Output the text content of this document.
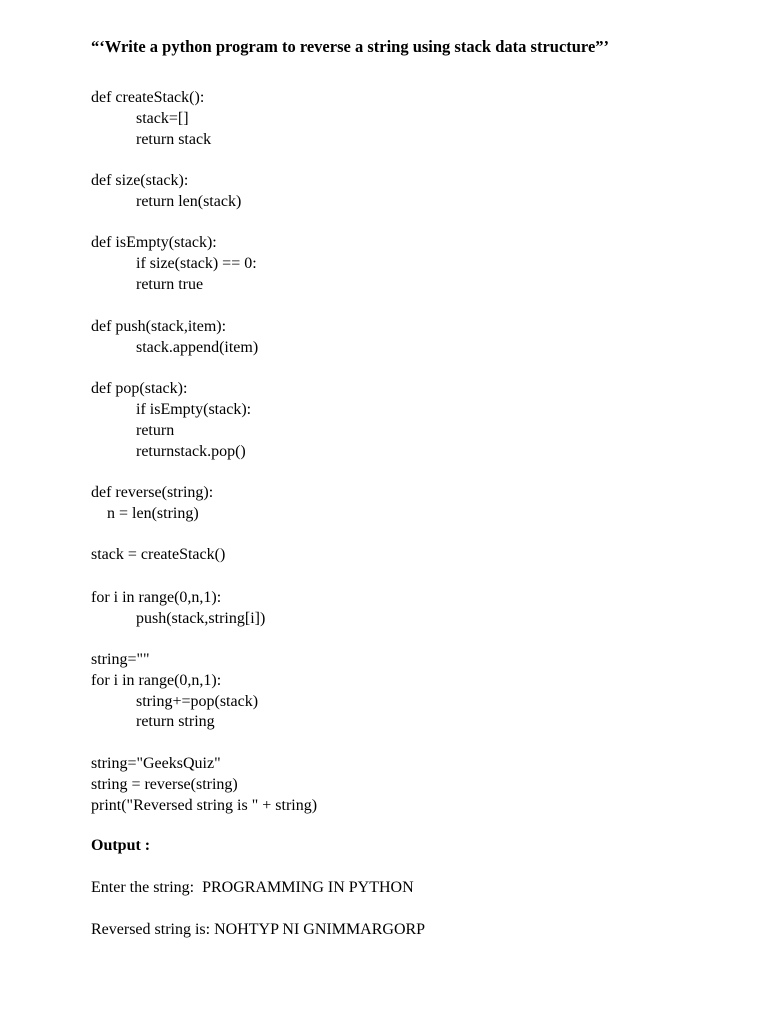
“‘Write a python program to reverse a string using stack data structure”’
def createStack():
stack=[]
return stack
def size(stack):
return len(stack)
def isEmpty(stack):
if size(stack) == 0:
return true
def push(stack,item):
stack.append(item)
def pop(stack):
if isEmpty(stack):
return
returnstack.pop()
def reverse(string):
n = len(string)
stack = createStack()
for i in range(0,n,1):
push(stack,string[i])
string=""
for i in range(0,n,1):
string+=pop(stack)
return string
string="GeeksQuiz"
string = reverse(string)
print("Reversed string is " + string)
Output :
Enter the string:  PROGRAMMING IN PYTHON
Reversed string is: NOHTYP NI GNIMMARGORP
